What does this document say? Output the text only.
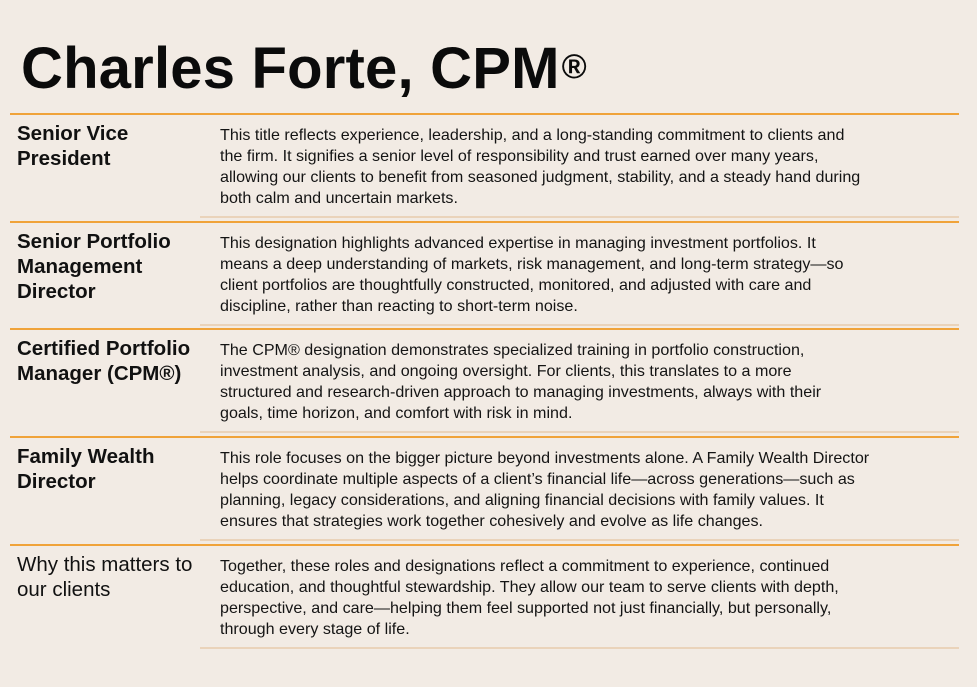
Charles Forte, CPM®
Senior Vice President
This title reflects experience, leadership, and a long-standing commitment to clients and
the firm. It signifies a senior level of responsibility and trust earned over many years,
allowing our clients to benefit from seasoned judgment, stability, and a steady hand during
both calm and uncertain markets.
Senior Portfolio Management Director
This designation highlights advanced expertise in managing investment portfolios. It
means a deep understanding of markets, risk management, and long-term strategy—so
client portfolios are thoughtfully constructed, monitored, and adjusted with care and
discipline, rather than reacting to short-term noise.
Certified Portfolio Manager (CPM®)
The CPM® designation demonstrates specialized training in portfolio construction,
investment analysis, and ongoing oversight. For clients, this translates to a more
structured and research-driven approach to managing investments, always with their
goals, time horizon, and comfort with risk in mind.
Family Wealth Director
This role focuses on the bigger picture beyond investments alone. A Family Wealth Director
helps coordinate multiple aspects of a client’s financial life—across generations—such as
planning, legacy considerations, and aligning financial decisions with family values. It
ensures that strategies work together cohesively and evolve as life changes.
Why this matters to our clients
Together, these roles and designations reflect a commitment to experience, continued
education, and thoughtful stewardship. They allow our team to serve clients with depth,
perspective, and care—helping them feel supported not just financially, but personally,
through every stage of life.
